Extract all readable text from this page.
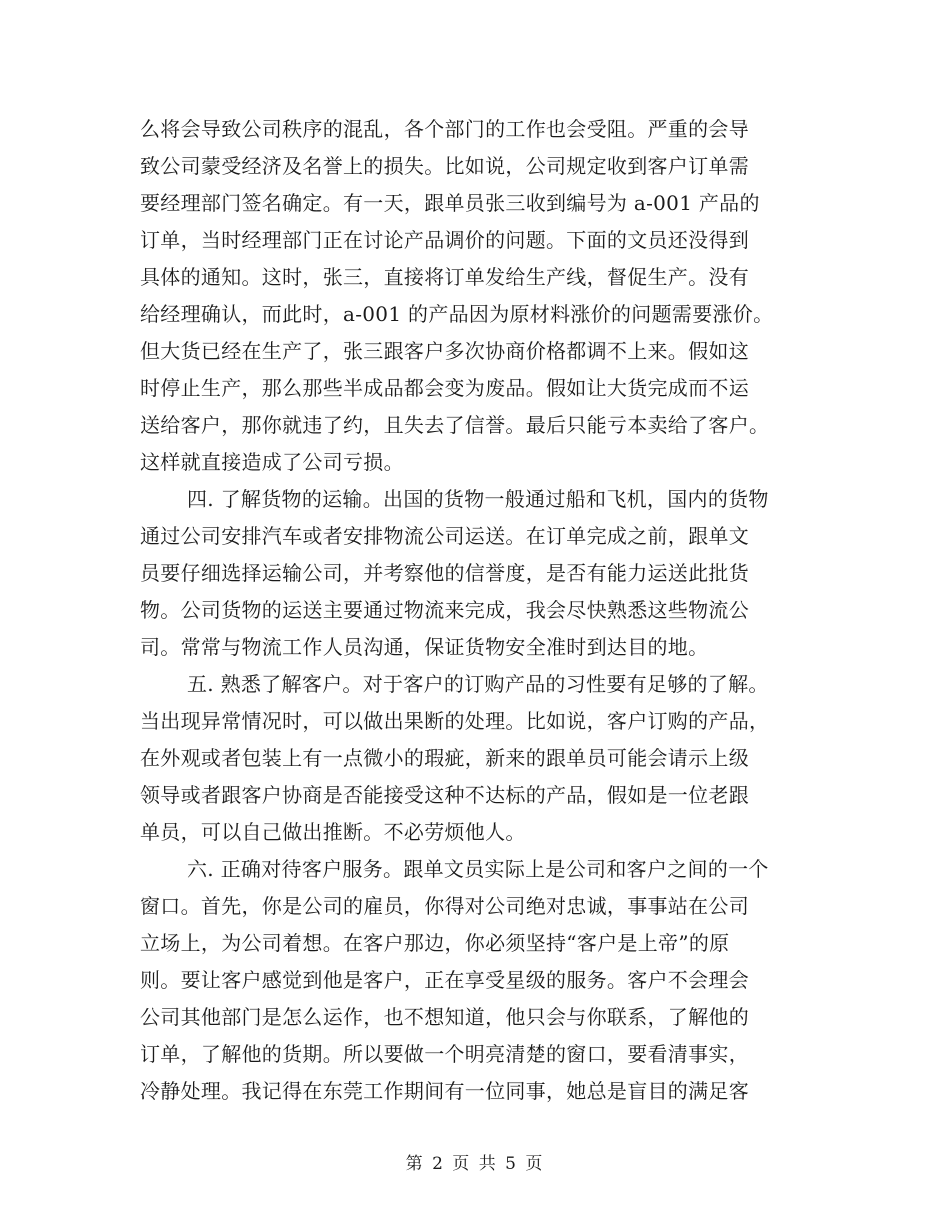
么将会导致公司秩序的混乱，各个部门的工作也会受阻。严重的会导
致公司蒙受经济及名誉上的损失。比如说，公司规定收到客户订单需
要经理部门签名确定。有一天，跟单员张三收到编号为 a-001 产品的
订单，当时经理部门正在讨论产品调价的问题。下面的文员还没得到
具体的通知。这时，张三，直接将订单发给生产线，督促生产。没有
给经理确认，而此时，a-001 的产品因为原材料涨价的问题需要涨价。
但大货已经在生产了，张三跟客户多次协商价格都调不上来。假如这
时停止生产，那么那些半成品都会变为废品。假如让大货完成而不运
送给客户，那你就违了约，且失去了信誉。最后只能亏本卖给了客户。
这样就直接造成了公司亏损。
四. 了解货物的运输。出国的货物一般通过船和飞机，国内的货物
通过公司安排汽车或者安排物流公司运送。在订单完成之前，跟单文
员要仔细选择运输公司，并考察他的信誉度，是否有能力运送此批货
物。公司货物的运送主要通过物流来完成，我会尽快熟悉这些物流公
司。常常与物流工作人员沟通，保证货物安全准时到达目的地。
五. 熟悉了解客户。对于客户的订购产品的习性要有足够的了解。
当出现异常情况时，可以做出果断的处理。比如说，客户订购的产品，
在外观或者包装上有一点微小的瑕疵，新来的跟单员可能会请示上级
领导或者跟客户协商是否能接受这种不达标的产品，假如是一位老跟
单员，可以自己做出推断。不必劳烦他人。
六. 正确对待客户服务。跟单文员实际上是公司和客户之间的一个
窗口。首先，你是公司的雇员，你得对公司绝对忠诚，事事站在公司
立场上，为公司着想。在客户那边，你必须坚持“客户是上帝”的原
则。要让客户感觉到他是客户，正在享受星级的服务。客户不会理会
公司其他部门是怎么运作，也不想知道，他只会与你联系，了解他的
订单，了解他的货期。所以要做一个明亮清楚的窗口，要看清事实，
冷静处理。我记得在东莞工作期间有一位同事，她总是盲目的满足客
第 2 页 共 5 页
